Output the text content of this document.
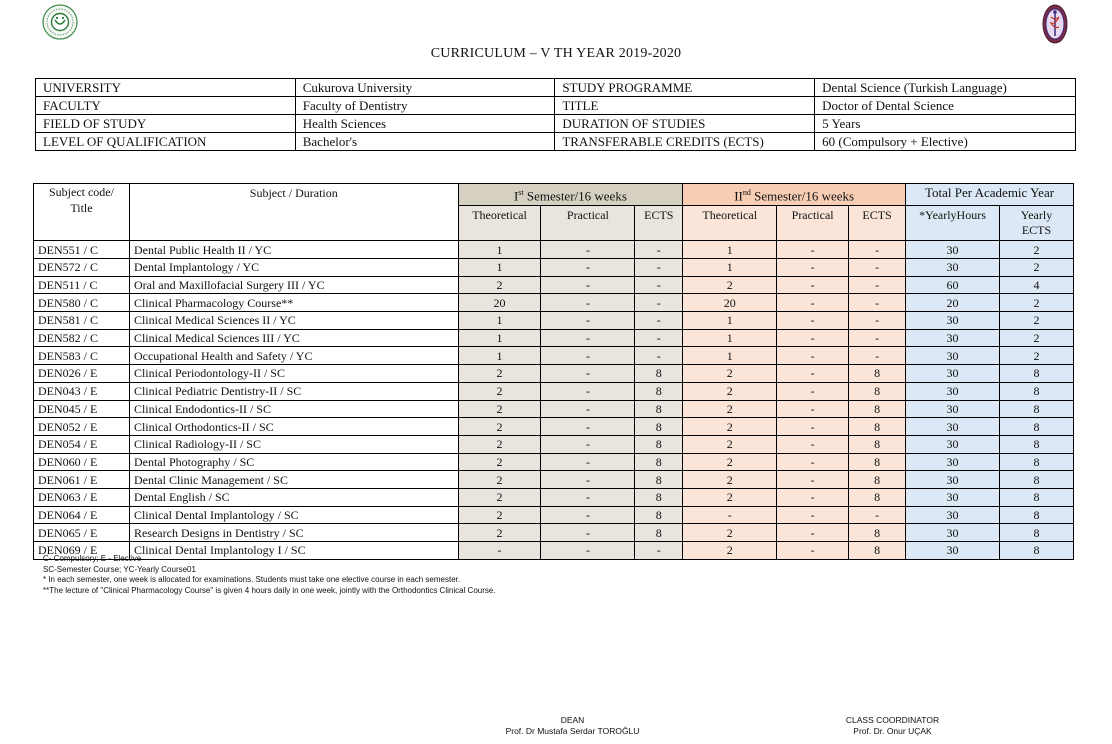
CURRICULUM – V TH YEAR 2019-2020
UNIVERSITY	Cukurova University	STUDY PROGRAMME	Dental Science (Turkish Language)
FACULTY	Faculty of Dentistry	TITLE	Doctor of Dental Science
FIELD OF STUDY	Health Sciences	DURATION OF STUDIES	5 Years
LEVEL OF QUALIFICATION	Bachelor's	TRANSFERABLE CREDITS (ECTS)	60 (Compulsory + Elective)
Subject code/ Title	Subject / Duration	Ist Semester/16 weeks			IInd Semester/16 weeks			Total Per Academic Year	
		Theoretical	Practical	ECTS	Theoretical	Practical	ECTS	*YearlyHours	Yearly ECTS
DEN551 / C	Dental Public Health II / YC	1	-	-	1	-	-	30	2
DEN572 / C	Dental Implantology / YC	1	-	-	1	-	-	30	2
DEN511 / C	Oral and Maxillofacial Surgery III / YC	2	-	-	2	-	-	60	4
DEN580 / C	Clinical Pharmacology Course**	20	-	-	20	-	-	20	2
DEN581 / C	Clinical Medical Sciences II / YC	1	-	-	1	-	-	30	2
DEN582 / C	Clinical Medical Sciences III / YC	1	-	-	1	-	-	30	2
DEN583 / C	Occupational Health and Safety / YC	1	-	-	1	-	-	30	2
DEN026 / E	Clinical Periodontology-II / SC	2	-	8	2	-	8	30	8
DEN043 / E	Clinical Pediatric Dentistry-II / SC	2	-	8	2	-	8	30	8
DEN045 / E	Clinical Endodontics-II / SC	2	-	8	2	-	8	30	8
DEN052 / E	Clinical Orthodontics-II / SC	2	-	8	2	-	8	30	8
DEN054 / E	Clinical Radiology-II / SC	2	-	8	2	-	8	30	8
DEN060 / E	Dental Photography / SC	2	-	8	2	-	8	30	8
DEN061 / E	Dental Clinic Management / SC	2	-	8	2	-	8	30	8
DEN063 / E	Dental English / SC	2	-	8	2	-	8	30	8
DEN064 / E	Clinical Dental Implantology / SC	2	-	8	-	-	-	30	8
DEN065 / E	Research Designs in Dentistry / SC	2	-	8	2	-	8	30	8
DEN069 / E	Clinical Dental Implantology I / SC	-	-	-	2	-	8	30	8
C- Compulsory; E - Elective
SC-Semester Course; YC-Yearly Course01
* In each semester, one week is allocated for examinations. Students must take one elective course in each semester.
**The lecture of "Clinical Pharmacology Course" is given 4 hours daily in one week, jointly with the Orthodontics Clinical Course.
DEAN
Prof. Dr Mustafa Serdar TOROĞLU
CLASS COORDINATOR
Prof. Dr. Onur UÇAK
